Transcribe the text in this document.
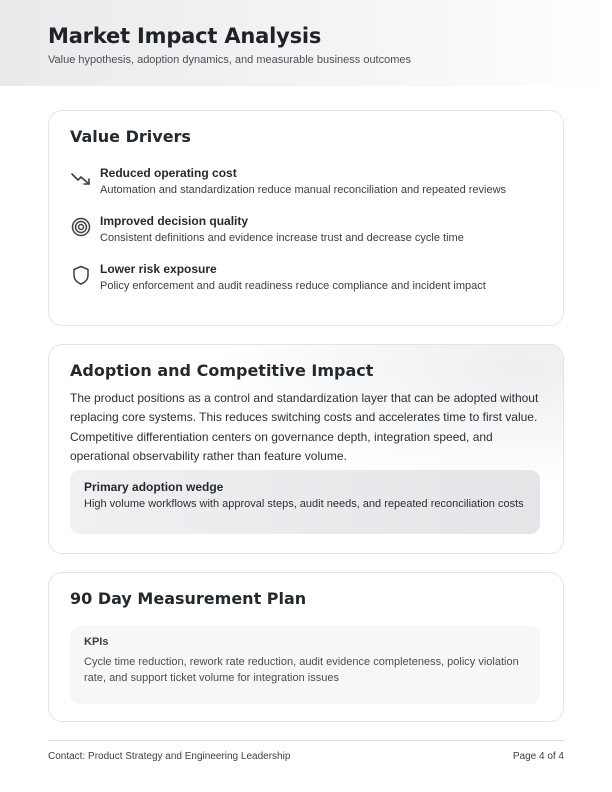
Market Impact Analysis
Value hypothesis, adoption dynamics, and measurable business outcomes
Value Drivers
Reduced operating cost
Automation and standardization reduce manual reconciliation and repeated reviews
Improved decision quality
Consistent definitions and evidence increase trust and decrease cycle time
Lower risk exposure
Policy enforcement and audit readiness reduce compliance and incident impact
Adoption and Competitive Impact
The product positions as a control and standardization layer that can be adopted without replacing core systems. This reduces switching costs and accelerates time to first value. Competitive differentiation centers on governance depth, integration speed, and operational observability rather than feature volume.
Primary adoption wedge
High volume workflows with approval steps, audit needs, and repeated reconciliation costs
90 Day Measurement Plan
KPIs
Cycle time reduction, rework rate reduction, audit evidence completeness, policy violation rate, and support ticket volume for integration issues
Contact: Product Strategy and Engineering Leadership	Page 4 of 4
